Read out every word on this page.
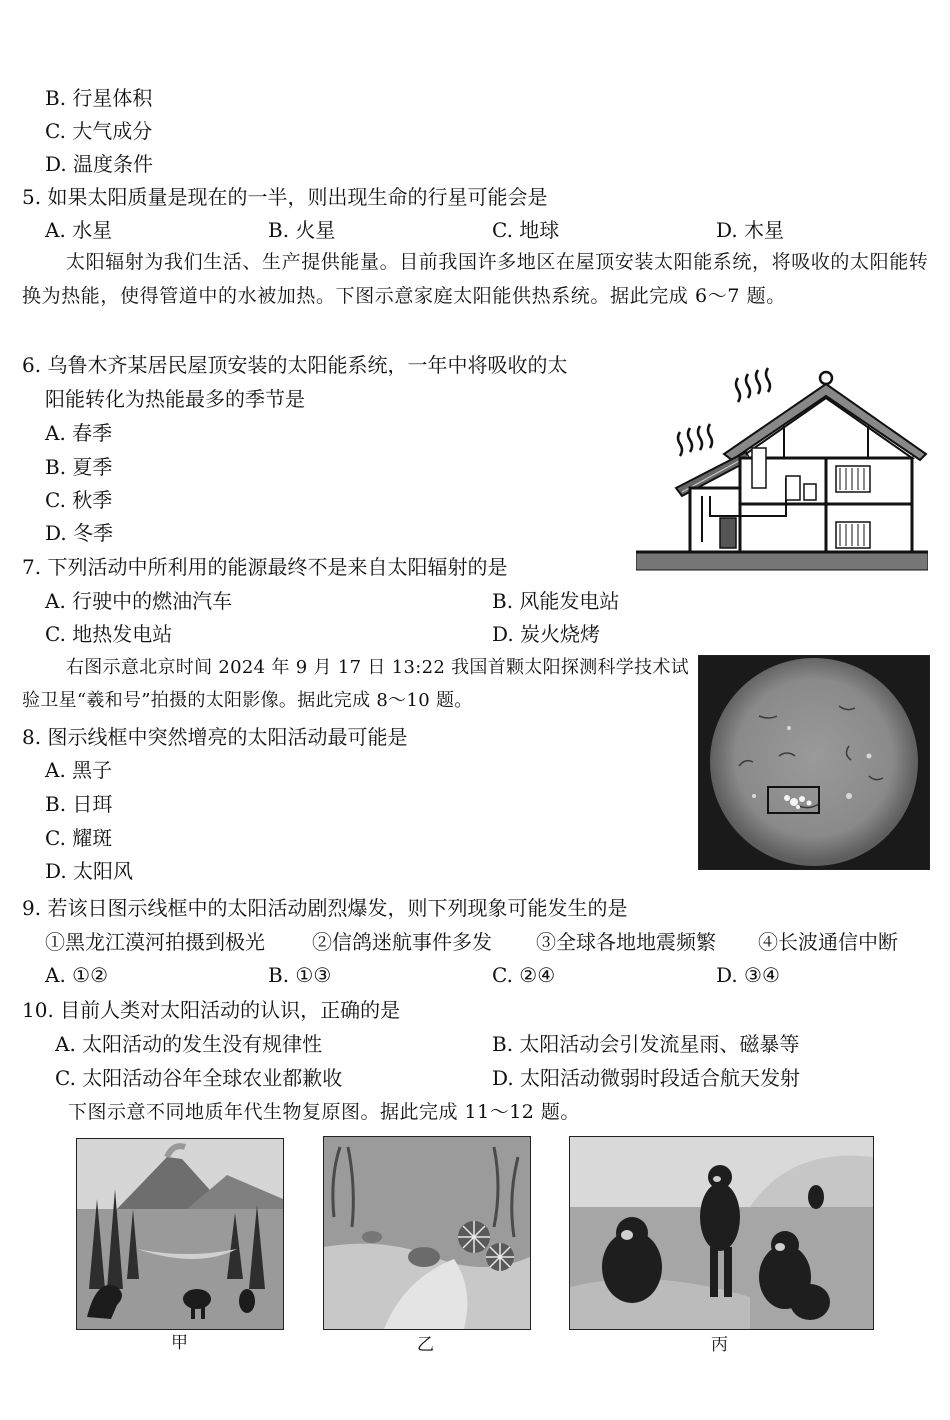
B. 行星体积
C. 大气成分
D. 温度条件
5. 如果太阳质量是现在的一半，则出现生命的行星可能会是
A. 水星	B. 火星	C. 地球	D. 木星
太阳辐射为我们生活、生产提供能量。目前我国许多地区在屋顶安装太阳能系统，将吸收的太阳能转换为热能，使得管道中的水被加热。下图示意家庭太阳能供热系统。据此完成 6～7 题。
6. 乌鲁木齐某居民屋顶安装的太阳能系统，一年中将吸收的太
阳能转化为热能最多的季节是
A. 春季
B. 夏季
C. 秋季
D. 冬季
7. 下列活动中所利用的能源最终不是来自太阳辐射的是
A. 行驶中的燃油汽车	B. 风能发电站
C. 地热发电站	D. 炭火烧烤
右图示意北京时间 2024 年 9 月 17 日 13:22 我国首颗太阳探测科学技术试验卫星“羲和号”拍摄的太阳影像。据此完成 8～10 题。
8. 图示线框中突然增亮的太阳活动最可能是
A. 黑子
B. 日珥
C. 耀斑
D. 太阳风
9. 若该日图示线框中的太阳活动剧烈爆发，则下列现象可能发生的是
①黑龙江漠河拍摄到极光 ②信鸽迷航事件多发 ③全球各地地震频繁 ④长波通信中断
A. ①②	B. ①③	C. ②④	D. ③④
10. 目前人类对太阳活动的认识，正确的是
A. 太阳活动的发生没有规律性	B. 太阳活动会引发流星雨、磁暴等
C. 太阳活动谷年全球农业都歉收	D. 太阳活动微弱时段适合航天发射
下图示意不同地质年代生物复原图。据此完成 11～12 题。
甲	乙	丙
